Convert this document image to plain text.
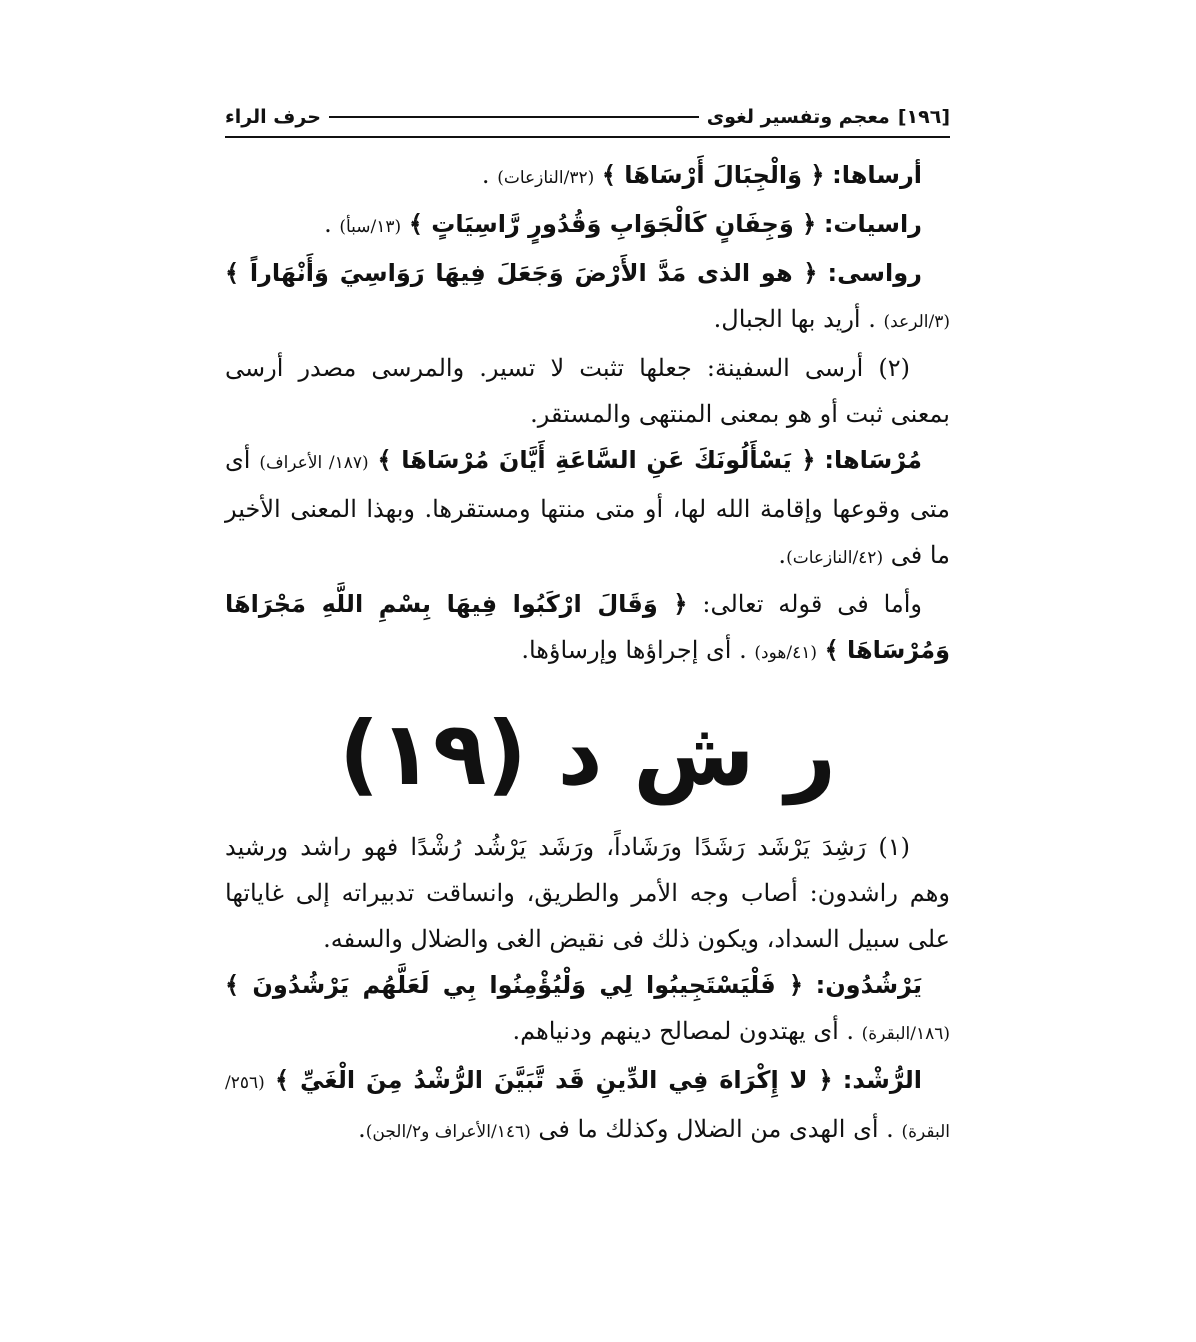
[١٩٦]
معجم وتفسير لغوى
حرف الراء

أرساها: ﴿ وَالْجِبَالَ أَرْسَاهَا ﴾ (٣٢/النازعات) .

راسيات: ﴿ وَجِفَانٍ كَالْجَوَابِ وَقُدُورٍ رَّاسِيَاتٍ ﴾ (١٣/سبأ) .

رواسى: ﴿ هو الذى مَدَّ الأَرْضَ وَجَعَلَ فِيهَا رَوَاسِيَ وَأَنْهَاراً ﴾ (٣/الرعد) . أريد بها الجبال.

(٢) أرسى السفينة: جعلها تثبت لا تسير. والمرسى مصدر أرسى بمعنى ثبت أو هو بمعنى المنتهى والمستقر.

مُرْسَاها: ﴿ يَسْأَلُونَكَ عَنِ السَّاعَةِ أَيَّانَ مُرْسَاهَا ﴾ (١٨٧/ الأعراف) أى متى وقوعها وإقامة الله لها، أو متى منتها ومستقرها. وبهذا المعنى الأخير ما فى (٤٢/النازعات).

وأما فى قوله تعالى: ﴿ وَقَالَ ارْكَبُوا فِيهَا بِسْمِ اللَّهِ مَجْرَاهَا وَمُرْسَاهَا ﴾ (٤١/هود) . أى إجراؤها وإرساؤها.

ر ش د (١٩)

(١) رَشِدَ يَرْشَد رَشَدًا ورَشَاداً، ورَشَد يَرْشُد رُشْدًا فهو راشد ورشيد وهم راشدون: أصاب وجه الأمر والطريق، وانساقت تدبيراته إلى غاياتها على سبيل السداد، ويكون ذلك فى نقيض الغى والضلال والسفه.

يَرْشُدُون: ﴿ فَلْيَسْتَجِيبُوا لِي وَلْيُؤْمِنُوا بِي لَعَلَّهُم يَرْشُدُونَ ﴾ (١٨٦/البقرة) . أى يهتدون لمصالح دينهم ودنياهم.

الرُّشْد: ﴿ لا إِكْرَاهَ فِي الدِّينِ قَد تَّبَيَّنَ الرُّشْدُ مِنَ الْغَيِّ ﴾ (٢٥٦/البقرة) . أى الهدى من الضلال وكذلك ما فى (١٤٦/الأعراف و٢/الجن).
